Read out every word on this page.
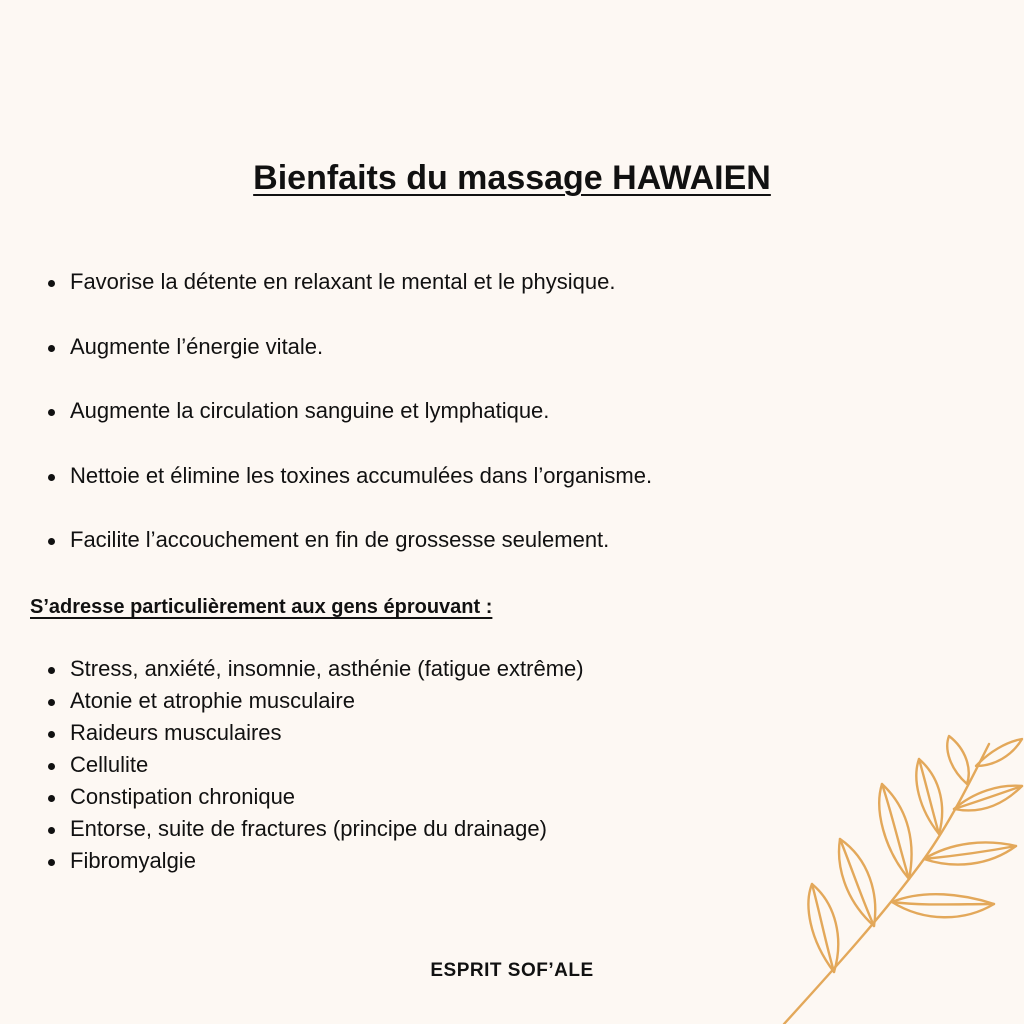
Bienfaits du massage HAWAIEN
Favorise la détente en relaxant le mental et le physique.
Augmente l’énergie vitale.
Augmente la circulation sanguine et lymphatique.
Nettoie et élimine les toxines accumulées dans l’organisme.
Facilite l’accouchement en fin de grossesse seulement.
S’adresse particulièrement aux gens éprouvant :
Stress, anxiété, insomnie, asthénie (fatigue extrême)
Atonie et atrophie musculaire
Raideurs musculaires
Cellulite
Constipation chronique
Entorse, suite de fractures (principe du drainage)
Fibromyalgie
ESPRIT SOF’ALE
